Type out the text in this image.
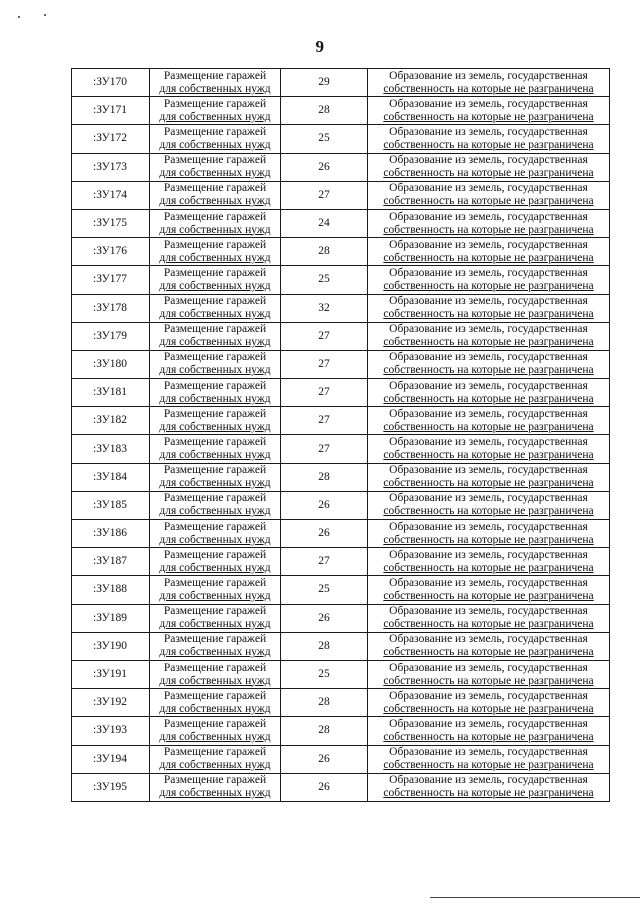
9
:ЗУ170	Размещение гаражей
для собственных нужд	29	Образование из земель, государственная
собственность на которые не разграничена

:ЗУ171	Размещение гаражей
для собственных нужд	28	Образование из земель, государственная
собственность на которые не разграничена

:ЗУ172	Размещение гаражей
для собственных нужд	25	Образование из земель, государственная
собственность на которые не разграничена

:ЗУ173	Размещение гаражей
для собственных нужд	26	Образование из земель, государственная
собственность на которые не разграничена

:ЗУ174	Размещение гаражей
для собственных нужд	27	Образование из земель, государственная
собственность на которые не разграничена

:ЗУ175	Размещение гаражей
для собственных нужд	24	Образование из земель, государственная
собственность на которые не разграничена

:ЗУ176	Размещение гаражей
для собственных нужд	28	Образование из земель, государственная
собственность на которые не разграничена

:ЗУ177	Размещение гаражей
для собственных нужд	25	Образование из земель, государственная
собственность на которые не разграничена

:ЗУ178	Размещение гаражей
для собственных нужд	32	Образование из земель, государственная
собственность на которые не разграничена

:ЗУ179	Размещение гаражей
для собственных нужд	27	Образование из земель, государственная
собственность на которые не разграничена

:ЗУ180	Размещение гаражей
для собственных нужд	27	Образование из земель, государственная
собственность на которые не разграничена

:ЗУ181	Размещение гаражей
для собственных нужд	27	Образование из земель, государственная
собственность на которые не разграничена

:ЗУ182	Размещение гаражей
для собственных нужд	27	Образование из земель, государственная
собственность на которые не разграничена

:ЗУ183	Размещение гаражей
для собственных нужд	27	Образование из земель, государственная
собственность на которые не разграничена

:ЗУ184	Размещение гаражей
для собственных нужд	28	Образование из земель, государственная
собственность на которые не разграничена

:ЗУ185	Размещение гаражей
для собственных нужд	26	Образование из земель, государственная
собственность на которые не разграничена

:ЗУ186	Размещение гаражей
для собственных нужд	26	Образование из земель, государственная
собственность на которые не разграничена

:ЗУ187	Размещение гаражей
для собственных нужд	27	Образование из земель, государственная
собственность на которые не разграничена

:ЗУ188	Размещение гаражей
для собственных нужд	25	Образование из земель, государственная
собственность на которые не разграничена

:ЗУ189	Размещение гаражей
для собственных нужд	26	Образование из земель, государственная
собственность на которые не разграничена

:ЗУ190	Размещение гаражей
для собственных нужд	28	Образование из земель, государственная
собственность на которые не разграничена

:ЗУ191	Размещение гаражей
для собственных нужд	25	Образование из земель, государственная
собственность на которые не разграничена

:ЗУ192	Размещение гаражей
для собственных нужд	28	Образование из земель, государственная
собственность на которые не разграничена

:ЗУ193	Размещение гаражей
для собственных нужд	28	Образование из земель, государственная
собственность на которые не разграничена

:ЗУ194	Размещение гаражей
для собственных нужд	26	Образование из земель, государственная
собственность на которые не разграничена

:ЗУ195	Размещение гаражей
для собственных нужд	26	Образование из земель, государственная
собственность на которые не разграничена
